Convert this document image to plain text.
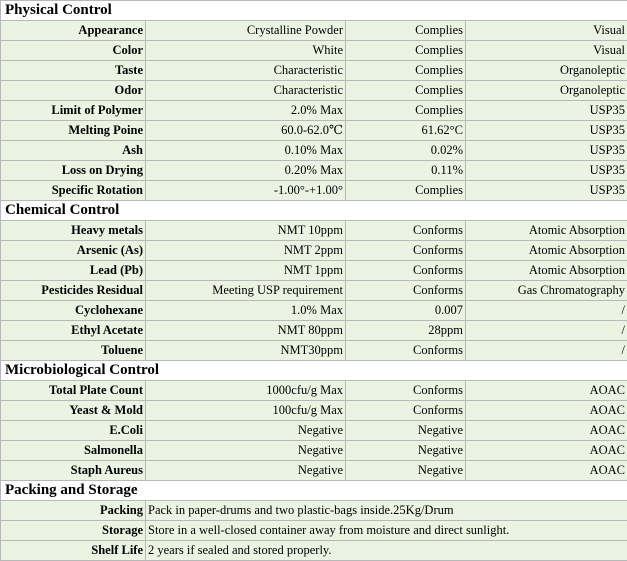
Physical Control			
Appearance	Crystalline Powder	Complies	Visual
Color	White	Complies	Visual
Taste	Characteristic	Complies	Organoleptic
Odor	Characteristic	Complies	Organoleptic
Limit of Polymer	2.0% Max	Complies	USP35
Melting Poine	60.0-62.0℃	61.62°C	USP35
Ash	0.10% Max	0.02%	USP35
Loss on Drying	0.20% Max	0.11%	USP35
Specific Rotation	-1.00°-+1.00°	Complies	USP35
Chemical Control			
Heavy metals	NMT 10ppm	Conforms	Atomic Absorption
Arsenic (As)	NMT 2ppm	Conforms	Atomic Absorption
Lead (Pb)	NMT 1ppm	Conforms	Atomic Absorption
Pesticides Residual	Meeting USP requirement	Conforms	Gas Chromatography
Cyclohexane	1.0% Max	0.007	/
Ethyl Acetate	NMT 80ppm	28ppm	/
Toluene	NMT30ppm	Conforms	/
Microbiological Control			
Total Plate Count	1000cfu/g Max	Conforms	AOAC
Yeast & Mold	100cfu/g Max	Conforms	AOAC
E.Coli	Negative	Negative	AOAC
Salmonella	Negative	Negative	AOAC
Staph Aureus	Negative	Negative	AOAC
Packing and Storage			
Packing	Pack in paper-drums and two plastic-bags inside.25Kg/Drum		
Storage	Store in a well-closed container away from moisture and direct sunlight.		
Shelf Life	2 years if sealed and stored properly.		
